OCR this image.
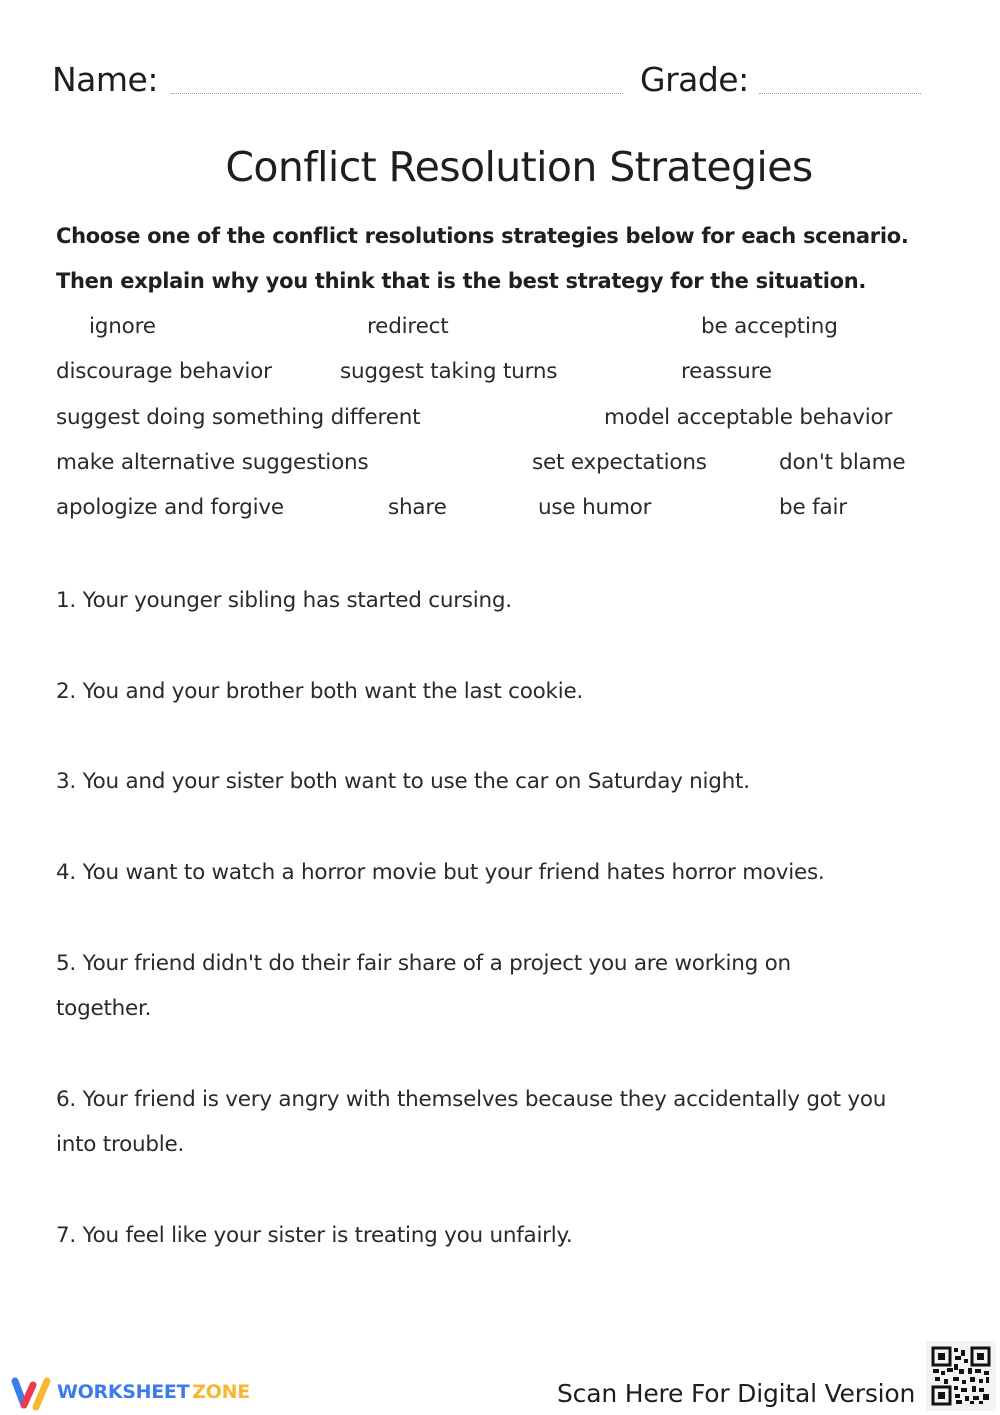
Name:	Grade:
Conflict Resolution Strategies
Choose one of the conflict resolutions strategies below for each scenario.
Then explain why you think that is the best strategy for the situation.
ignore	redirect	be accepting
discourage behavior	suggest taking turns	reassure
suggest doing something different	model acceptable behavior
make alternative suggestions	set expectations	don't blame
apologize and forgive	share	use humor	be fair
1. Your younger sibling has started cursing.
2. You and your brother both want the last cookie.
3. You and your sister both want to use the car on Saturday night.
4. You want to watch a horror movie but your friend hates horror movies.
5. Your friend didn't do their fair share of a project you are working on together.
6. Your friend is very angry with themselves because they accidentally got you into trouble.
7. You feel like your sister is treating you unfairly.
WORKSHEET ZONE	Scan Here For Digital Version
